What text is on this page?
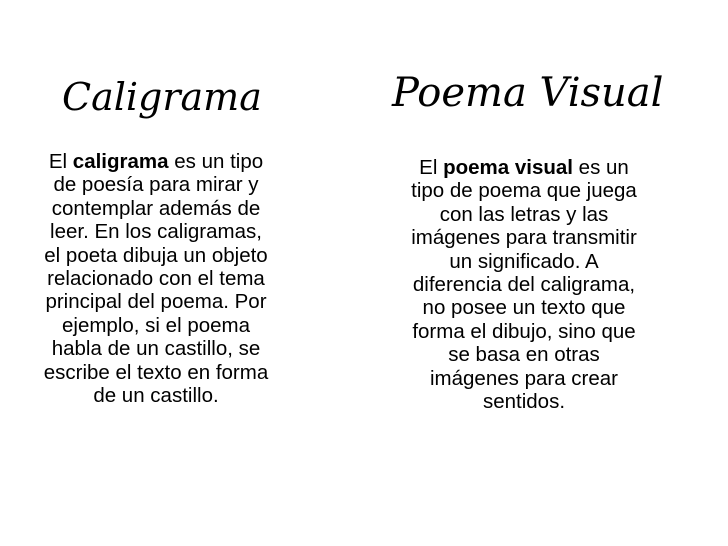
Caligrama

El caligrama es un tipo de poesía para mirar y contemplar además de leer. En los caligramas, el poeta dibuja un objeto relacionado con el tema principal del poema. Por ejemplo, si el poema habla de un castillo, se escribe el texto en forma de un castillo.

Poema Visual

El poema visual es un tipo de poema que juega con las letras y las imágenes para transmitir un significado. A diferencia del caligrama, no posee un texto que forma el dibujo, sino que se basa en otras imágenes para crear sentidos.
